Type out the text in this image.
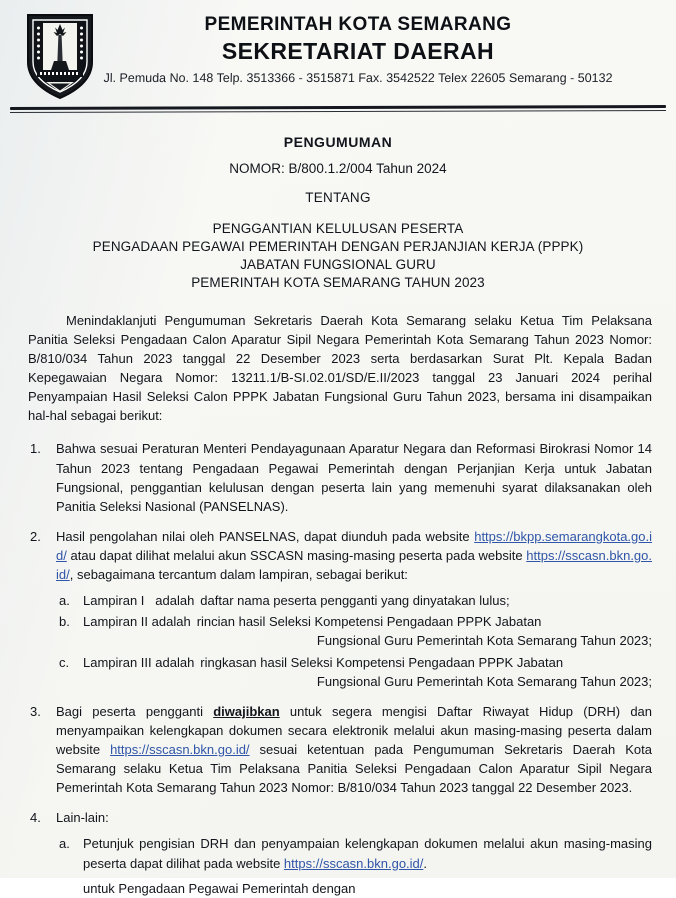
PEMERINTAH KOTA SEMARANG
SEKRETARIAT DAERAH
Jl. Pemuda No. 148 Telp. 3513366 - 3515871 Fax. 3542522 Telex 22605 Semarang - 50132
PENGUMUMAN
NOMOR: B/800.1.2/004 Tahun 2024
TENTANG
PENGGANTIAN KELULUSAN PESERTA
PENGADAAN PEGAWAI PEMERINTAH DENGAN PERJANJIAN KERJA (PPPK)
JABATAN FUNGSIONAL GURU
PEMERINTAH KOTA SEMARANG TAHUN 2023

Menindaklanjuti Pengumuman Sekretaris Daerah Kota Semarang selaku Ketua Tim Pelaksana Panitia Seleksi Pengadaan Calon Aparatur Sipil Negara Pemerintah Kota Semarang Tahun 2023 Nomor: B/810/034 Tahun 2023 tanggal 22 Desember 2023 serta berdasarkan Surat Plt. Kepala Badan Kepegawaian Negara Nomor: 13211.1/B-SI.02.01/SD/E.II/2023 tanggal 23 Januari 2024 perihal Penyampaian Hasil Seleksi Calon PPPK Jabatan Fungsional Guru Tahun 2023, bersama ini disampaikan hal-hal sebagai berikut:

1.	Bahwa sesuai Peraturan Menteri Pendayagunaan Aparatur Negara dan Reformasi Birokrasi Nomor 14 Tahun 2023 tentang Pengadaan Pegawai Pemerintah dengan Perjanjian Kerja untuk Jabatan Fungsional, penggantian kelulusan dengan peserta lain yang memenuhi syarat dilaksanakan oleh Panitia Seleksi Nasional (PANSELNAS).
2.	Hasil pengolahan nilai oleh PANSELNAS, dapat diunduh pada website https://bkpp.semarangkota.go.id/ atau dapat dilihat melalui akun SSCASN masing-masing peserta pada website https://sscasn.bkn.go.id/, sebagaimana tercantum dalam lampiran, sebagai berikut:
a.	Lampiran I   adalah daftar nama peserta pengganti yang dinyatakan lulus;
b.	Lampiran II adalah rincian hasil Seleksi Kompetensi Pengadaan PPPK Jabatan
Fungsional Guru Pemerintah Kota Semarang Tahun 2023;
c.	Lampiran III adalah ringkasan hasil Seleksi Kompetensi Pengadaan PPPK Jabatan
Fungsional Guru Pemerintah Kota Semarang Tahun 2023;
3.	Bagi peserta pengganti diwajibkan untuk segera mengisi Daftar Riwayat Hidup (DRH) dan menyampaikan kelengkapan dokumen secara elektronik melalui akun masing-masing peserta dalam website https://sscasn.bkn.go.id/ sesuai ketentuan pada Pengumuman Sekretaris Daerah Kota Semarang selaku Ketua Tim Pelaksana Panitia Seleksi Pengadaan Calon Aparatur Sipil Negara Pemerintah Kota Semarang Tahun 2023 Nomor: B/810/034 Tahun 2023 tanggal 22 Desember 2023.
4.	Lain-lain:
a.	Petunjuk pengisian DRH dan penyampaian kelengkapan dokumen melalui akun masing-masing peserta dapat dilihat pada website https://sscasn.bkn.go.id/.
untuk Pengadaan Pegawai Pemerintah dengan
